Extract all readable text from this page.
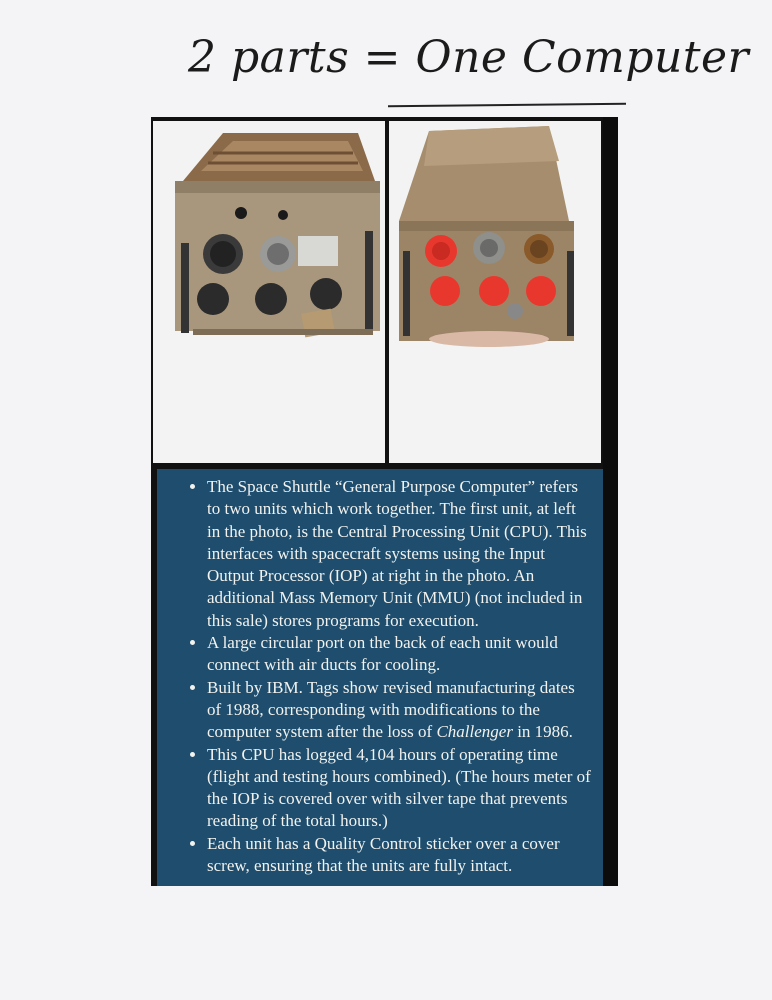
2 parts = One Computer
• The Space Shuttle “General Purpose Computer” refers to two units which work together. The first unit, at left in the photo, is the Central Processing Unit (CPU). This interfaces with spacecraft systems using the Input Output Processor (IOP) at right in the photo. An additional Mass Memory Unit (MMU) (not included in this sale) stores programs for execution.
• A large circular port on the back of each unit would connect with air ducts for cooling.
• Built by IBM. Tags show revised manufacturing dates of 1988, corresponding with modifications to the computer system after the loss of Challenger in 1986.
• This CPU has logged 4,104 hours of operating time (flight and testing hours combined). (The hours meter of the IOP is covered over with silver tape that prevents reading of the total hours.)
• Each unit has a Quality Control sticker over a cover screw, ensuring that the units are fully intact.
